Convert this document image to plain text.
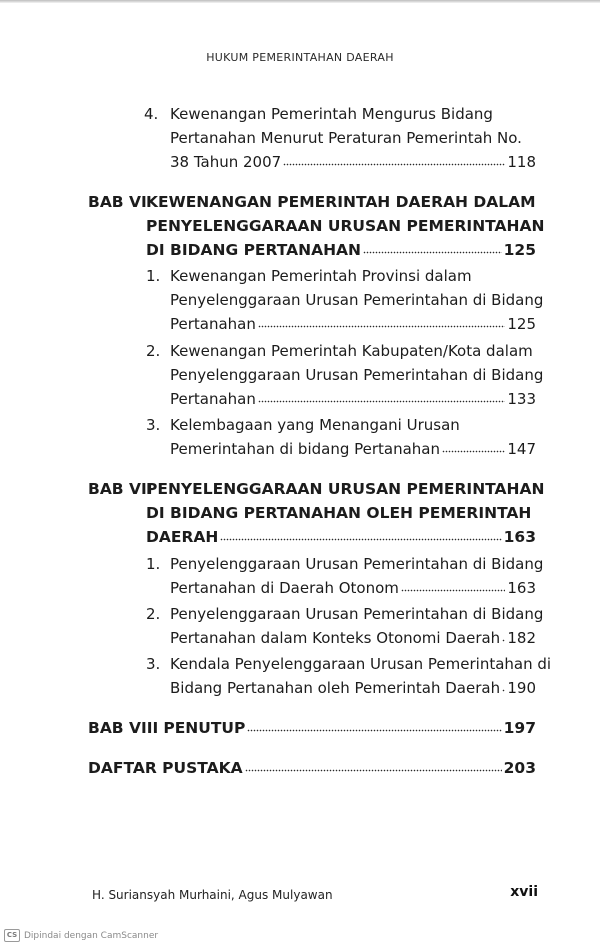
HUKUM PEMERINTAHAN DAERAH
4. Kewenangan Pemerintah Mengurus Bidang
Pertanahan Menurut Peraturan Pemerintah No.
38 Tahun 2007	118
BAB VI KEWENANGAN PEMERINTAH DAERAH DALAM
PENYELENGGARAAN URUSAN PEMERINTAHAN
DI BIDANG PERTANAHAN	125
1. Kewenangan Pemerintah Provinsi dalam
Penyelenggaraan Urusan Pemerintahan di Bidang
Pertanahan	125
2. Kewenangan Pemerintah Kabupaten/Kota dalam
Penyelenggaraan Urusan Pemerintahan di Bidang
Pertanahan	133
3. Kelembagaan yang Menangani Urusan
Pemerintahan di bidang Pertanahan	147
BAB VII
PENYELENGGARAAN URUSAN PEMERINTAHAN
DI BIDANG PERTANAHAN OLEH PEMERINTAH
DAERAH	163
1. Penyelenggaraan Urusan Pemerintahan di Bidang
Pertanahan di Daerah Otonom	163
2. Penyelenggaraan Urusan Pemerintahan di Bidang
Pertanahan dalam Konteks Otonomi Daerah 182
3. Kendala Penyelenggaraan Urusan Pemerintahan di
Bidang Pertanahan oleh Pemerintah Daerah 190
BAB VIII PENUTUP	197
DAFTAR PUSTAKA	203
H. Suriansyah Murhaini, Agus Mulyawan	xvii
CS Dipindai dengan CamScanner
